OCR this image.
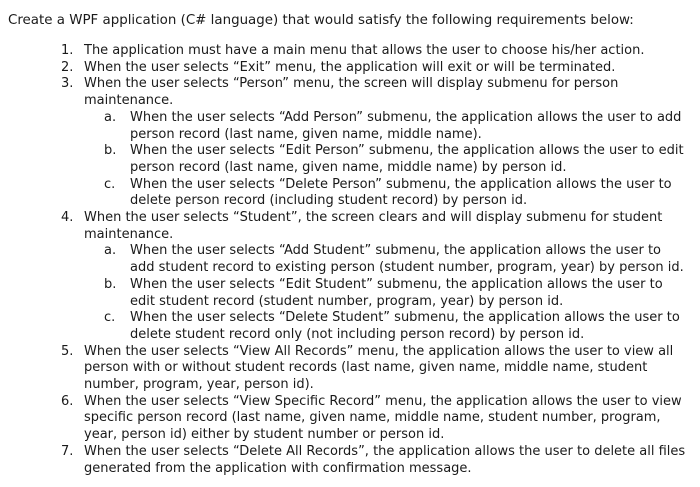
Create a WPF application (C# language) that would satisfy the following requirements below:
1. The application must have a main menu that allows the user to choose his/her action.
2. When the user selects “Exit” menu, the application will exit or will be terminated.
3. When the user selects “Person” menu, the screen will display submenu for person
maintenance.
a. When the user selects “Add Person” submenu, the application allows the user to add
person record (last name, given name, middle name).
b. When the user selects “Edit Person” submenu, the application allows the user to edit
person record (last name, given name, middle name) by person id.
c. When the user selects “Delete Person” submenu, the application allows the user to
delete person record (including student record) by person id.
4. When the user selects “Student”, the screen clears and will display submenu for student
maintenance.
a. When the user selects “Add Student” submenu, the application allows the user to
add student record to existing person (student number, program, year) by person id.
b. When the user selects “Edit Student” submenu, the application allows the user to
edit student record (student number, program, year) by person id.
c. When the user selects “Delete Student” submenu, the application allows the user to
delete student record only (not including person record) by person id.
5. When the user selects “View All Records” menu, the application allows the user to view all
person with or without student records (last name, given name, middle name, student
number, program, year, person id).
6. When the user selects “View Specific Record” menu, the application allows the user to view
specific person record (last name, given name, middle name, student number, program,
year, person id) either by student number or person id.
7. When the user selects “Delete All Records”, the application allows the user to delete all files
generated from the application with confirmation message.
